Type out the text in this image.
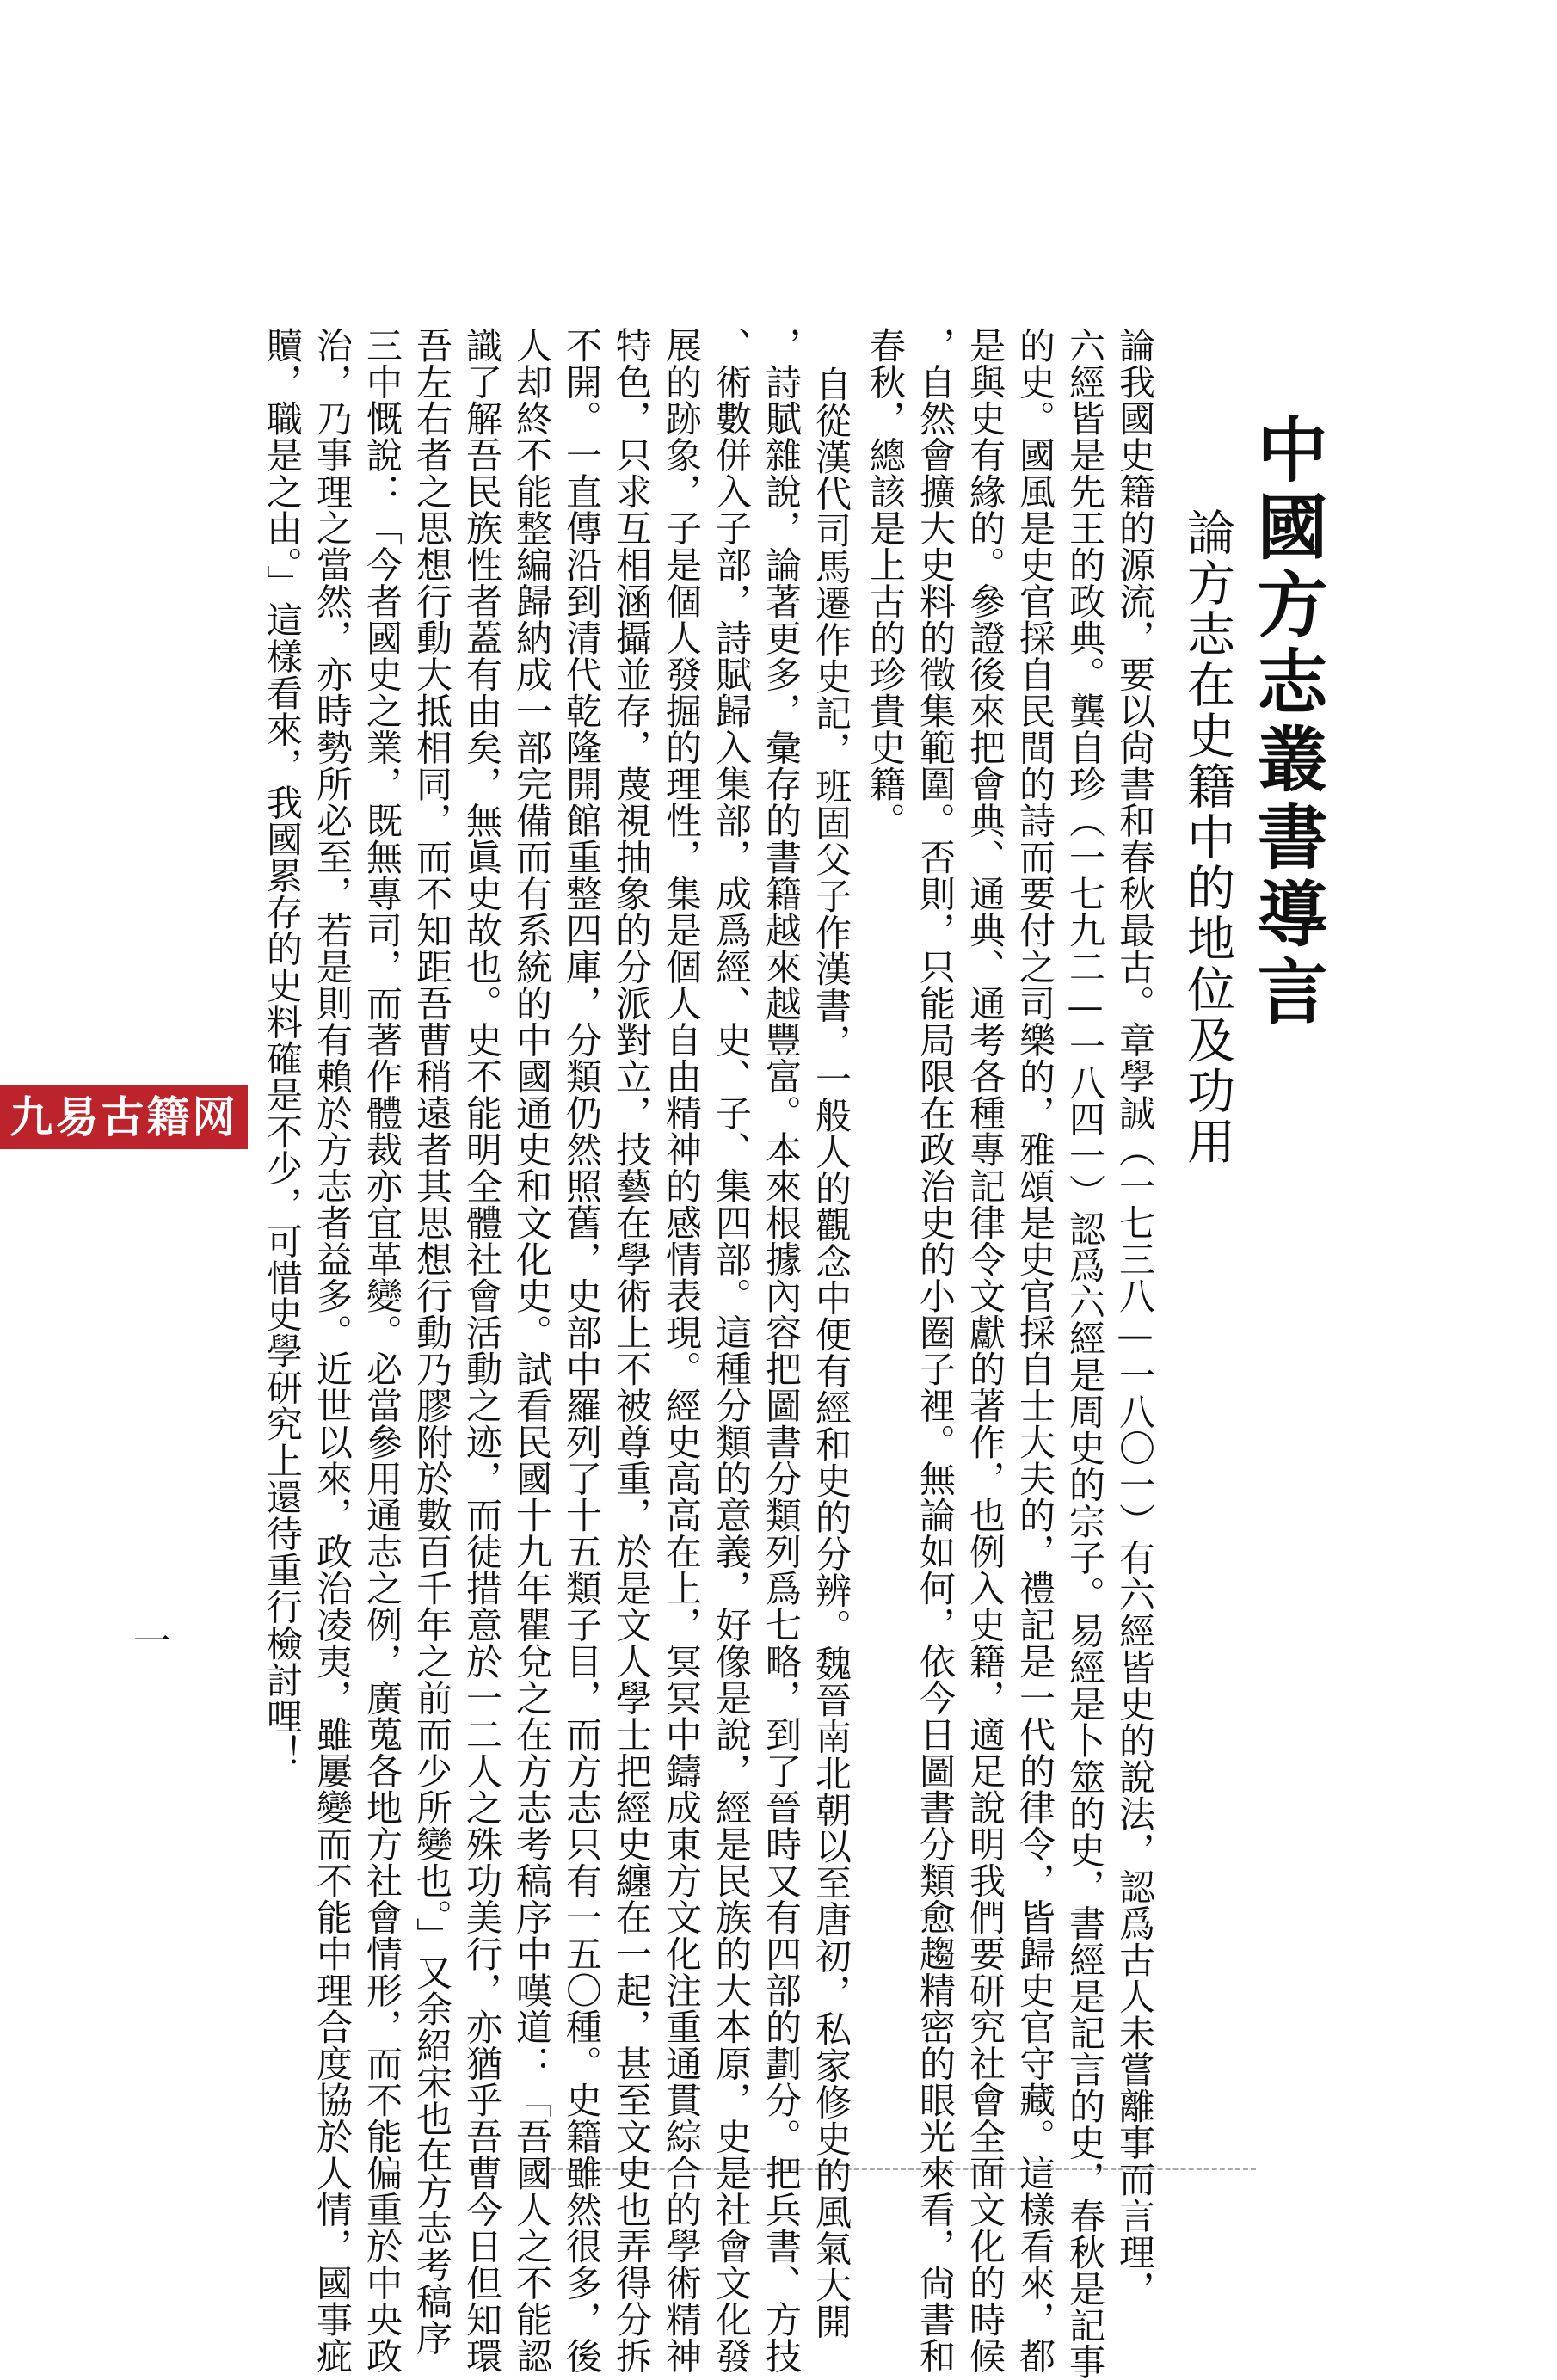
中國方志叢書導言
論方志在史籍中的地位及功用
論我國史籍的源流，要以尙書和春秋最古。章學誠（一七三八—一八〇一）有六經皆史的說法，認爲古人未嘗離事而言理，
六經皆是先王的政典。龔自珍（一七九二—一八四一）認爲六經是周史的宗子。易經是卜筮的史，書經是記言的史，春秋是記事
的史。國風是史官採自民間的詩而要付之司樂的，雅頌是史官採自士大夫的，禮記是一代的律令，皆歸史官守藏。這樣看來，都
是與史有緣的。參證後來把會典、通典、通考各種專記律令文獻的著作，也例入史籍，適足說明我們要研究社會全面文化的時候
，自然會擴大史料的徵集範圍。否則，只能局限在政治史的小圈子裡。無論如何，依今日圖書分類愈趨精密的眼光來看，尙書和
春秋，總該是上古的珍貴史籍。
自從漢代司馬遷作史記，班固父子作漢書，一般人的觀念中便有經和史的分辨。魏晉南北朝以至唐初，私家修史的風氣大開
，詩賦雜說，論著更多，彙存的書籍越來越豐富。本來根據內容把圖書分類列爲七略，到了晉時又有四部的劃分。把兵書、方技
、術數併入子部，詩賦歸入集部，成爲經、史、子、集四部。這種分類的意義，好像是說，經是民族的大本原，史是社會文化發
展的跡象，子是個人發掘的理性，集是個人自由精神的感情表現。經史高高在上，冥冥中鑄成東方文化注重通貫綜合的學術精神
特色，只求互相涵攝並存，蔑視抽象的分派對立，技藝在學術上不被尊重，於是文人學士把經史纏在一起，甚至文史也弄得分拆
不開。一直傳沿到清代乾隆開館重整四庫，分類仍然照舊，史部中羅列了十五類子目，而方志只有一五〇種。史籍雖然很多，後
人却終不能整編歸納成一部完備而有系統的中國通史和文化史。試看民國十九年瞿兌之在方志考稿序中嘆道：「吾國人之不能認
識了解吾民族性者蓋有由矣，無眞史故也。史不能明全體社會活動之迹，而徒措意於一二人之殊功美行，亦猶乎吾曹今日但知環
吾左右者之思想行動大抵相同，而不知距吾曹稍遠者其思想行動乃膠附於數百千年之前而少所變也。」又余紹宋也在方志考稿序
三中慨說：「今者國史之業，既無專司，而著作體裁亦宜革變。必當參用通志之例，廣蒐各地方社會情形，而不能偏重於中央政
治，乃事理之當然，亦時勢所必至，若是則有賴於方志者益多。近世以來，政治凌夷，雖屢變而不能中理合度協於人情，國事疵
贖，職是之由。」這樣看來，我國累存的史料確是不少，可惜史學研究上還待重行檢討哩！
一
九易古籍网
